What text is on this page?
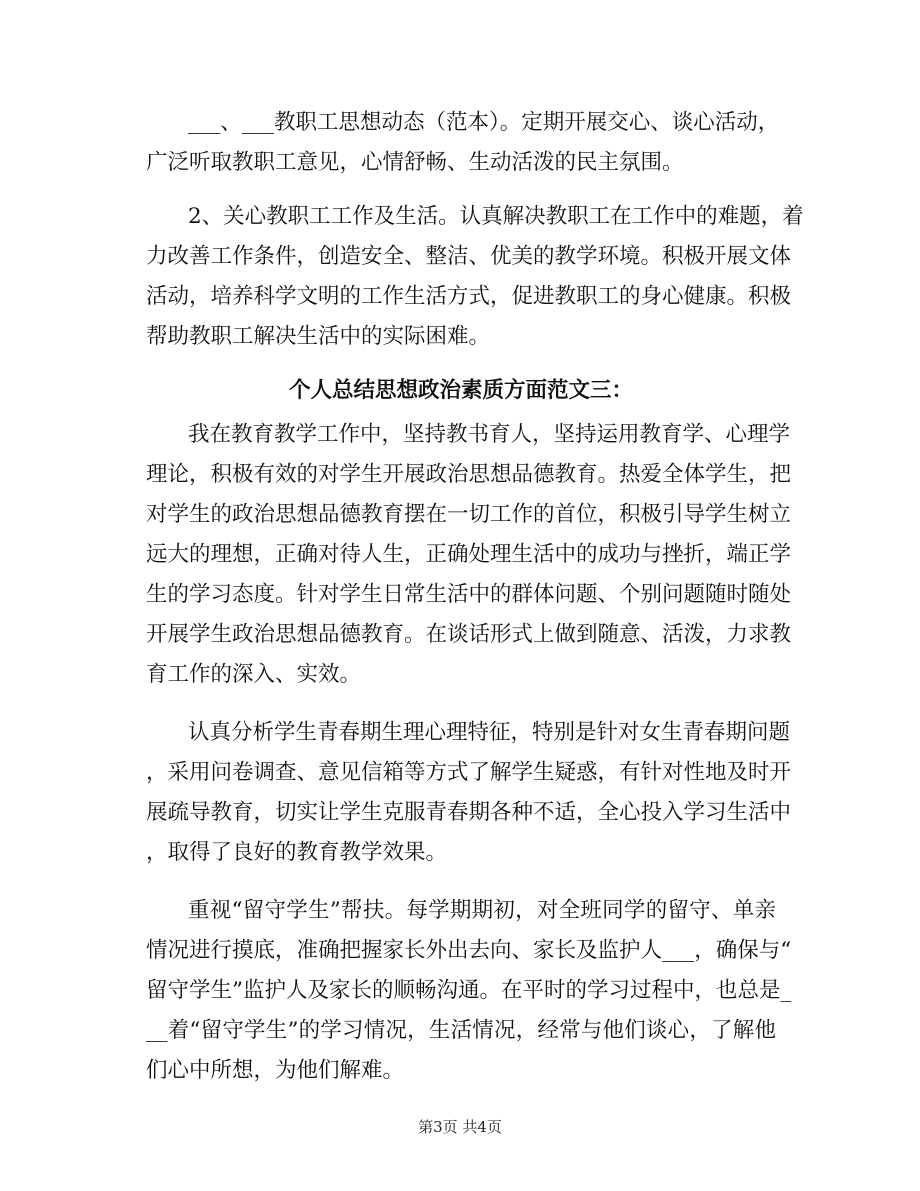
___、___教职工思想动态（范本）。定期开展交心、谈心活动，
广泛听取教职工意见，心情舒畅、生动活泼的民主氛围。
2、关心教职工工作及生活。认真解决教职工在工作中的难题，着
力改善工作条件，创造安全、整洁、优美的教学环境。积极开展文体
活动，培养科学文明的工作生活方式，促进教职工的身心健康。积极
帮助教职工解决生活中的实际困难。
个人总结思想政治素质方面范文三：
我在教育教学工作中，坚持教书育人，坚持运用教育学、心理学
理论，积极有效的对学生开展政治思想品德教育。热爱全体学生，把
对学生的政治思想品德教育摆在一切工作的首位，积极引导学生树立
远大的理想，正确对待人生，正确处理生活中的成功与挫折，端正学
生的学习态度。针对学生日常生活中的群体问题、个别问题随时随处
开展学生政治思想品德教育。在谈话形式上做到随意、活泼，力求教
育工作的深入、实效。
认真分析学生青春期生理心理特征，特别是针对女生青春期问题
，采用问卷调查、意见信箱等方式了解学生疑惑，有针对性地及时开
展疏导教育，切实让学生克服青春期各种不适，全心投入学习生活中
，取得了良好的教育教学效果。
重视“留守学生”帮扶。每学期期初，对全班同学的留守、单亲
情况进行摸底，准确把握家长外出去向、家长及监护人___，确保与“
留守学生”监护人及家长的顺畅沟通。在平时的学习过程中，也总是_
__着“留守学生”的学习情况，生活情况，经常与他们谈心，了解他
们心中所想，为他们解难。
第3页 共4页
